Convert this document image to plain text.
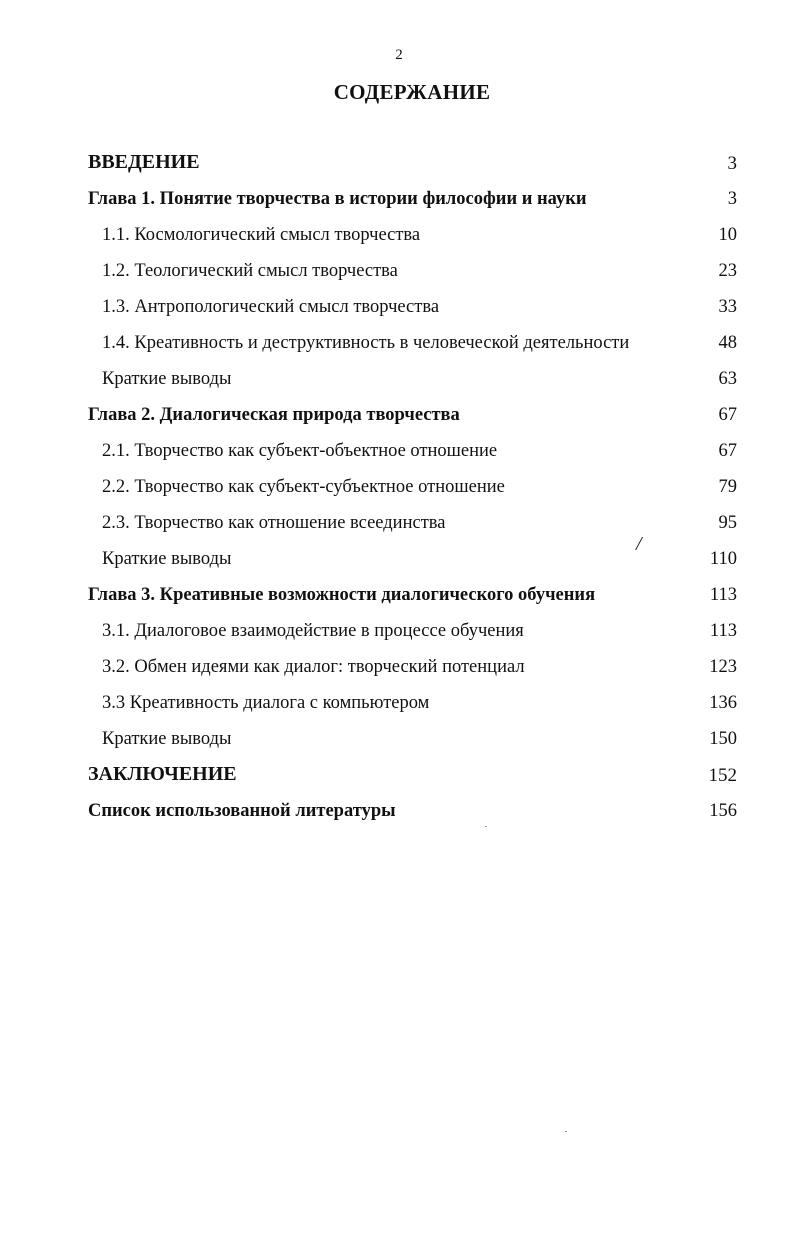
2
СОДЕРЖАНИЕ
ВВЕДЕНИЕ	3
Глава 1. Понятие творчества в истории философии и науки	3
1.1. Космологический смысл творчества	10
1.2. Теологический смысл творчества	23
1.3. Антропологический смысл творчества	33
1.4. Креативность и деструктивность в человеческой деятельности	48
Краткие выводы	63
Глава 2. Диалогическая природа творчества	67
2.1. Творчество как субъект-объектное отношение	67
2.2. Творчество как субъект-субъектное отношение	79
2.3. Творчество как отношение всеединства	95
Краткие выводы	110
Глава 3. Креативные возможности диалогического обучения	113
3.1. Диалоговое взаимодействие в процессе обучения	113
3.2. Обмен идеями как диалог: творческий потенциал	123
3.3 Креативность диалога с компьютером	136
Краткие выводы	150
ЗАКЛЮЧЕНИЕ	152
Список использованной литературы	156
/
